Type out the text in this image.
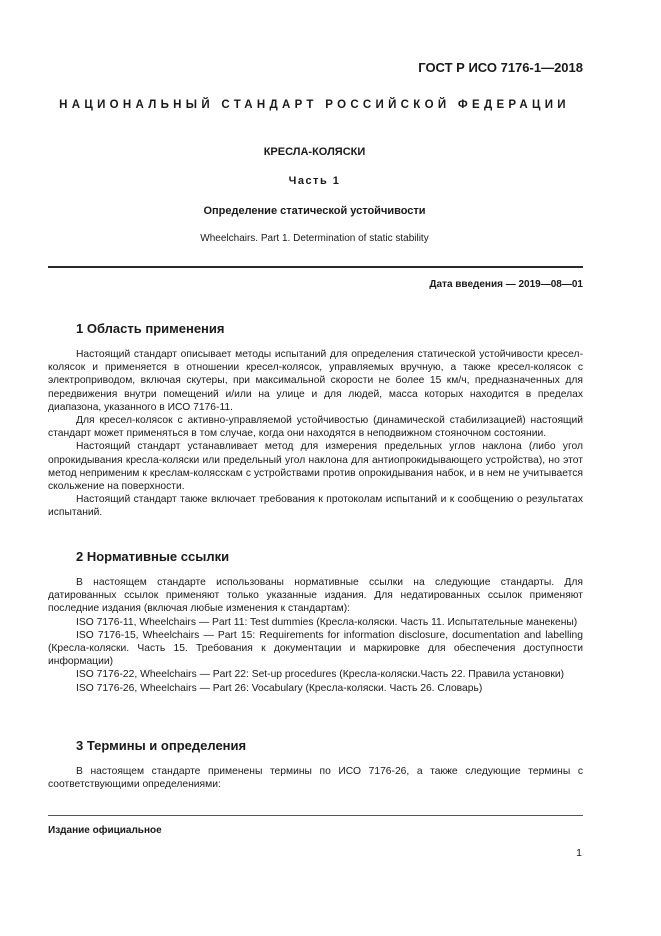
ГОСТ Р ИСО 7176-1—2018
НАЦИОНАЛЬНЫЙ СТАНДАРТ РОССИЙСКОЙ ФЕДЕРАЦИИ
КРЕСЛА-КОЛЯСКИ
Часть 1
Определение статической устойчивости
Wheelchairs. Part 1. Determination of static stability
Дата введения — 2019—08—01
1 Область применения

Настоящий стандарт описывает методы испытаний для определения статической устойчивости кресел-колясок и применяется в отношении кресел-колясок, управляемых вручную, а также кресел-колясок с электроприводом, включая скутеры, при максимальной скорости не более 15 км/ч, предназначенных для передвижения внутри помещений и/или на улице и для людей, масса которых находится в пределах диапазона, указанного в ИСО 7176-11.

Для кресел-колясок с активно-управляемой устойчивостью (динамической стабилизацией) настоящий стандарт может применяться в том случае, когда они находятся в неподвижном стояночном состоянии.

Настоящий стандарт устанавливает метод для измерения предельных углов наклона (либо угол опрокидывания кресла-коляски или предельный угол наклона для антиопрокидывающего устройства), но этот метод неприменим к креслам-колясскам с устройствами против опрокидывания набок, и в нем не учитывается скольжение на поверхности.

Настоящий стандарт также включает требования к протоколам испытаний и к сообщению о результатах испытаний.

2 Нормативные ссылки

В настоящем стандарте использованы нормативные ссылки на следующие стандарты. Для датированных ссылок применяют только указанные издания. Для недатированных ссылок применяют последние издания (включая любые изменения к стандартам):

ISO 7176-11, Wheelchairs — Part 11: Test dummies (Кресла-коляски. Часть 11. Испытательные манекены)

ISO 7176-15, Wheelchairs — Part 15: Requirements for information disclosure, documentation and labelling (Кресла-коляски. Часть 15. Требования к документации и маркировке для обеспечения доступности информации)

ISO 7176-22, Wheelchairs — Part 22: Set-up procedures (Кресла-коляски.Часть 22. Правила установки)

ISO 7176-26, Wheelchairs — Part 26: Vocabulary (Кресла-коляски. Часть 26. Словарь)

3 Термины и определения

В настоящем стандарте применены термины по ИСО 7176-26, а также следующие термины с соответствующими определениями:

Издание официальное
1
